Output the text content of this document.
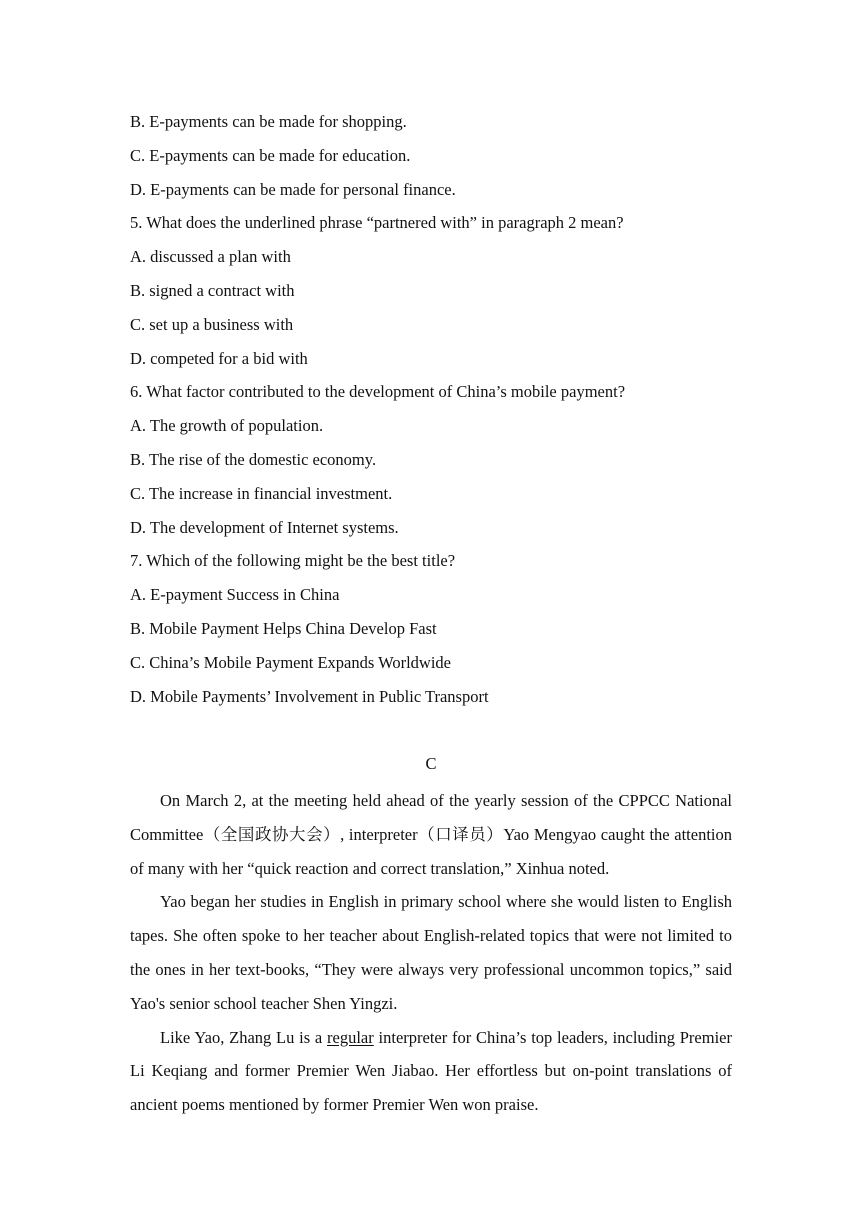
B. E-payments can be made for shopping.
C. E-payments can be made for education.
D. E-payments can be made for personal finance.
5. What does the underlined phrase “partnered with” in paragraph 2 mean?
A. discussed a plan with
B. signed a contract with
C. set up a business with
D. competed for a bid with
6. What factor contributed to the development of China’s mobile payment?
A. The growth of population.
B. The rise of the domestic economy.
C. The increase in financial investment.
D. The development of Internet systems.
7. Which of the following might be the best title?
A. E-payment Success in China
B. Mobile Payment Helps China Develop Fast
C. China’s Mobile Payment Expands Worldwide
D. Mobile Payments’ Involvement in Public Transport
C

On March 2, at the meeting held ahead of the yearly session of the CPPCC National Committee（全国政协大会）, interpreter（口译员）Yao Mengyao caught the attention of many with her “quick reaction and correct translation,” Xinhua noted.

Yao began her studies in English in primary school where she would listen to English tapes. She often spoke to her teacher about English-related topics that were not limited to the ones in her text-books, “They were always very professional uncommon topics,” said Yao's senior school teacher Shen Yingzi.

Like Yao, Zhang Lu is a regular interpreter for China’s top leaders, including Premier Li Keqiang and former Premier Wen Jiabao. Her effortless but on-point translations of ancient poems mentioned by former Premier Wen won praise.
